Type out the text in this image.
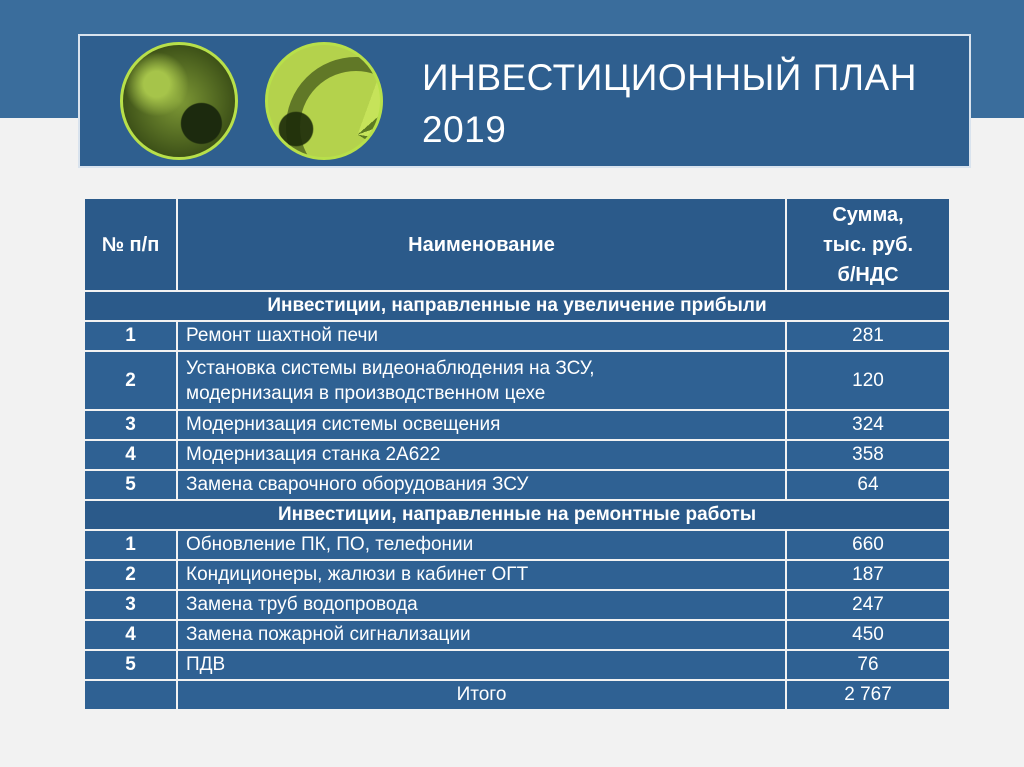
ИНВЕСТИЦИОННЫЙ ПЛАН
2019
№ п/п	Наименование	Сумма,
тыс. руб.
б/НДС

Инвестиции, направленные на увеличение прибыли		
1	Ремонт шахтной печи	281
2	Установка системы видеонаблюдения на ЗСУ,
модернизация в производственном цехе	120
3	Модернизация системы освещения	324
4	Модернизация станка 2А622	358
5	Замена сварочного оборудования ЗСУ	64
Инвестиции, направленные на ремонтные работы		
1	Обновление ПК, ПО, телефонии	660
2	Кондиционеры, жалюзи в кабинет ОГТ	187
3	Замена труб водопровода	247
4	Замена пожарной сигнализации	450
5	ПДВ	76
	Итого	2 767
